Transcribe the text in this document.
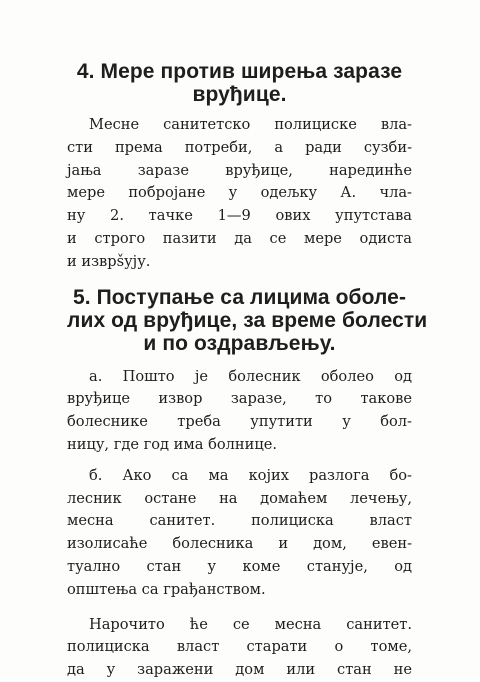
4. Мере против ширења заразе
вруђице.
Месне санитетско полициске вла-
сти према потреби, а ради сузби-
јања заразе вруђице, нарединће
мере побројане у одељку А. чла-
ну 2. тачке 1—9 ових упутстава
и строго пазити да се мере одиста
и изврšују.
5. Поступање са лицима оболе-
лих од вруђице, за време болести
и по оздрављењу.
а. Пошто је болесник оболео од
вруђице извор заразе, то такове
болеснике треба упутити у бол-
ницу, где год има болнице.
б. Ако са ма којих разлога бо-
лесник остане на домаћем лечењу,
месна санитет. полициска власт
изолисаће болесника и дом, евен-
туално стан у коме станује, од
општења са грађанством.
Нарочито ће се месна санитет.
полициска власт старати о томе,
да у заражени дом или стан не
